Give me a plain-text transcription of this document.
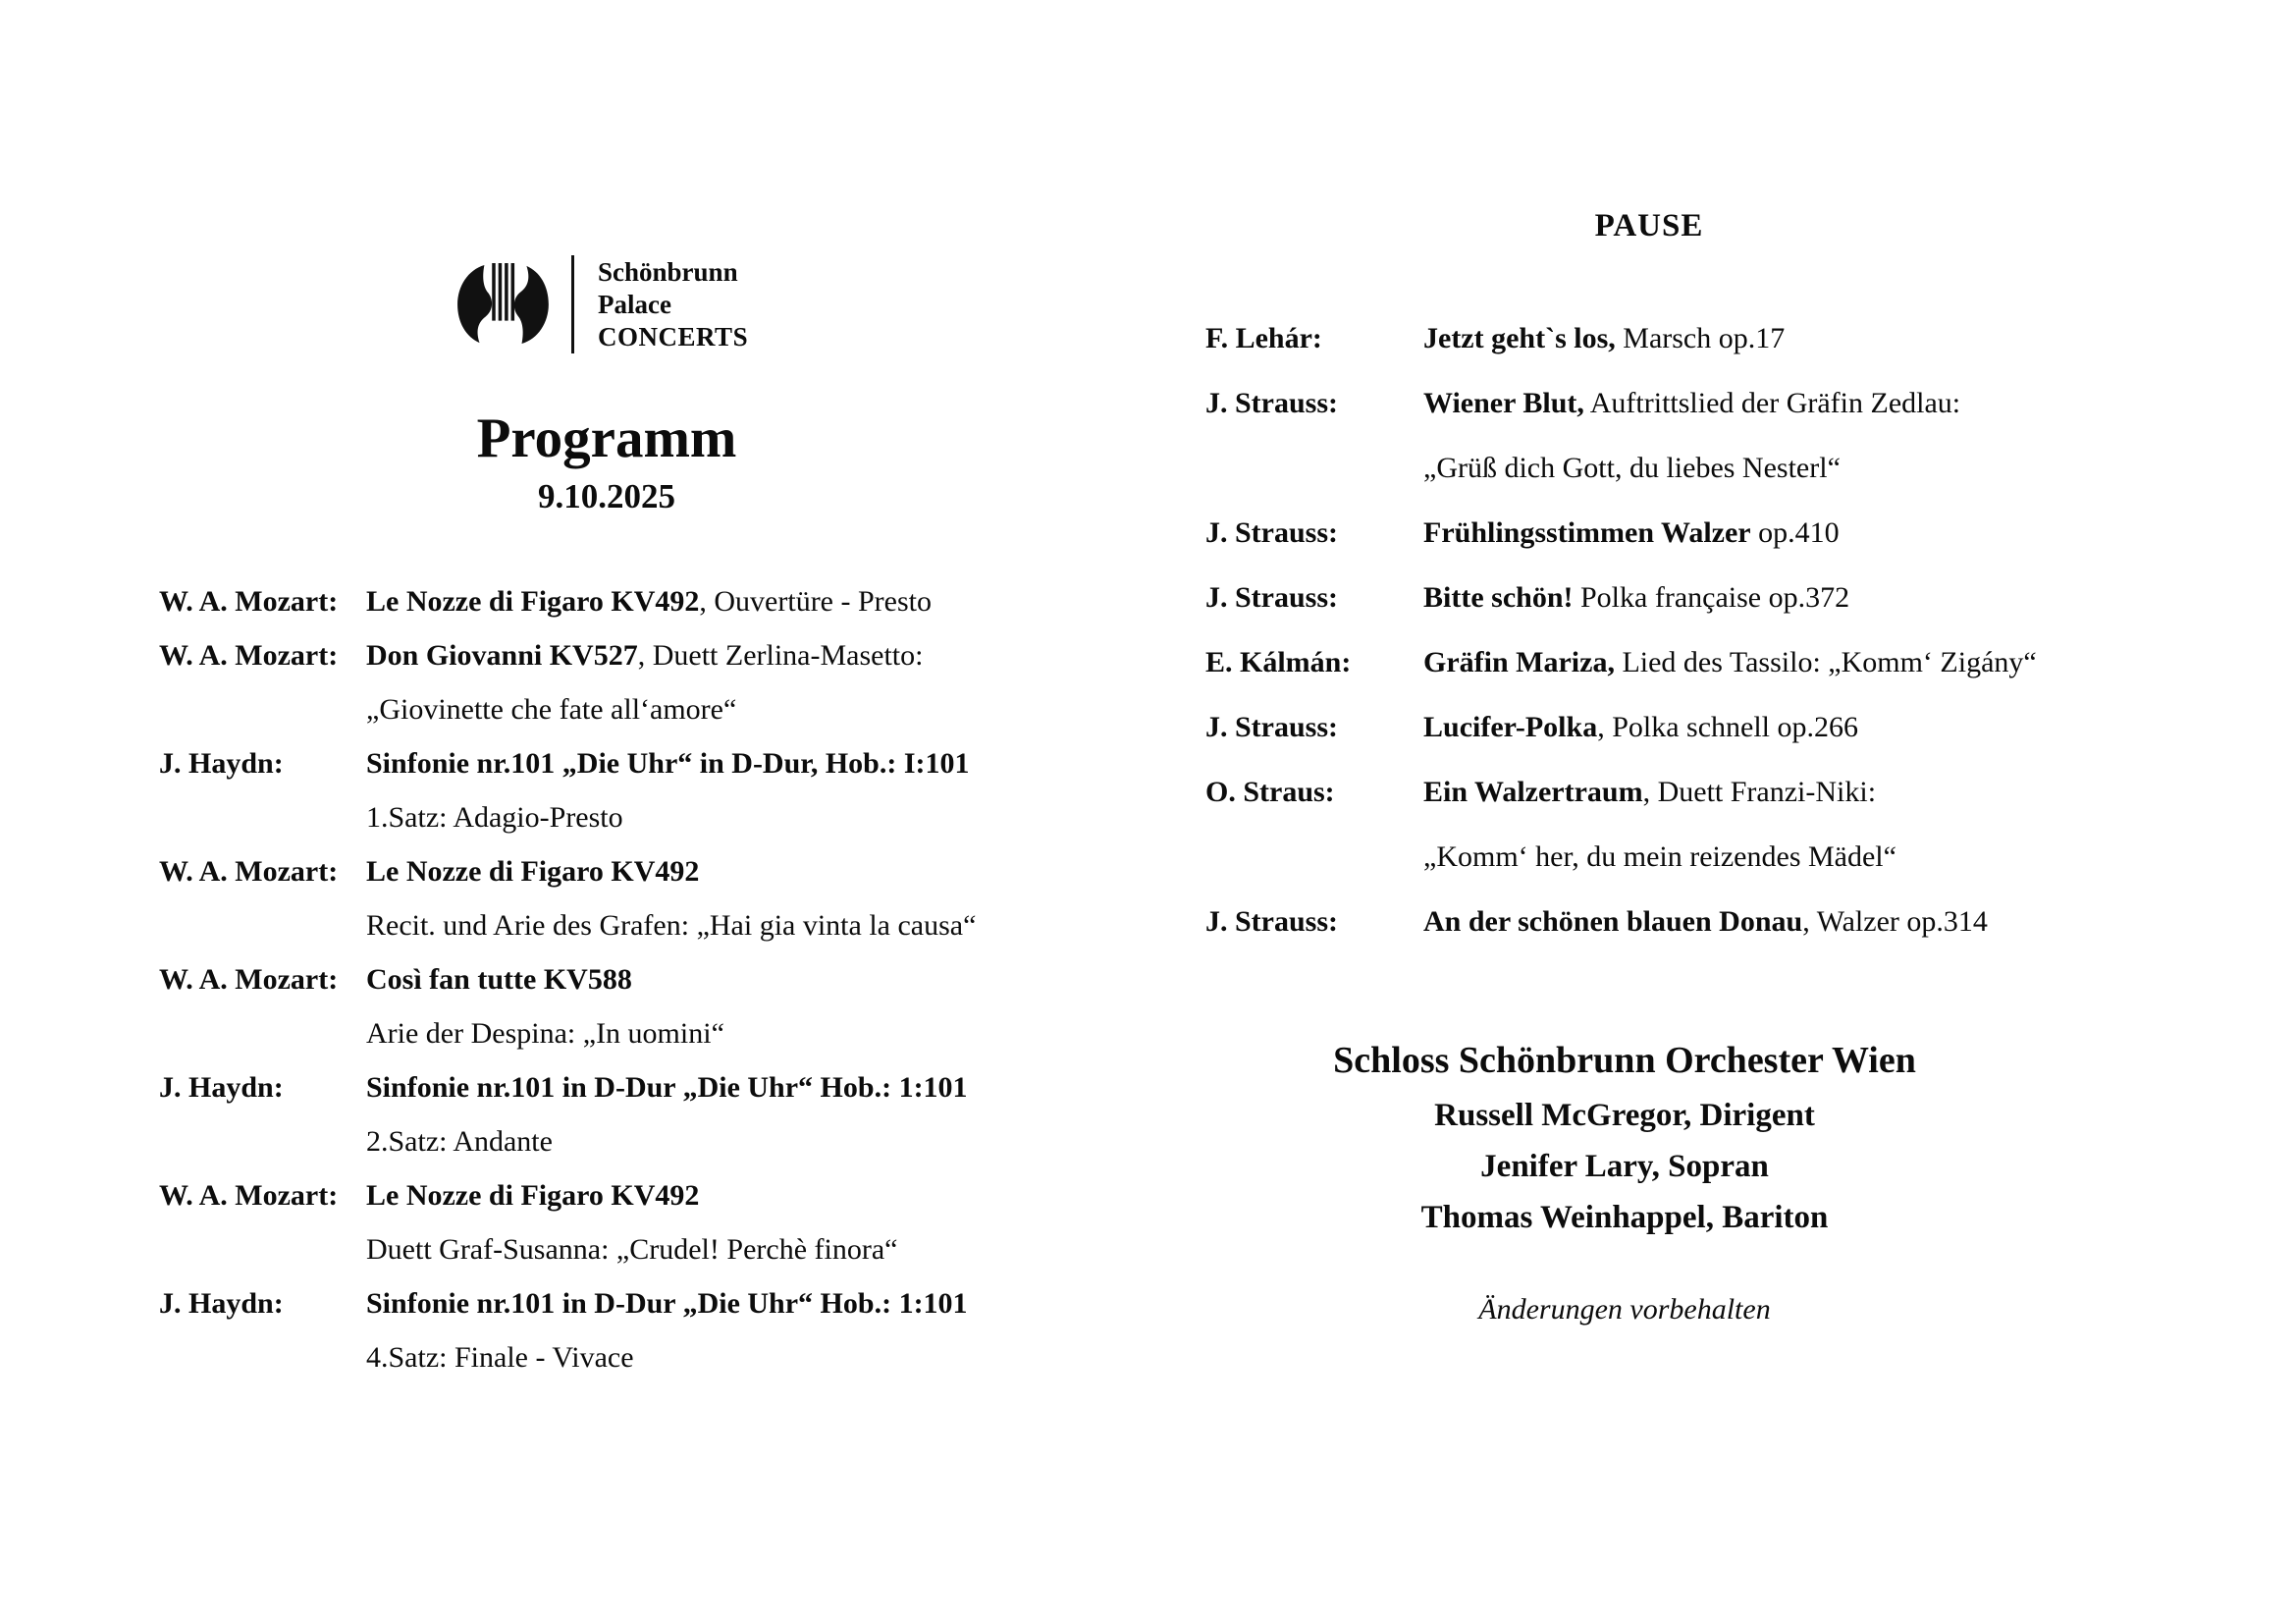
Schönbrunn
Palace
CONCERTS
Programm
9.10.2025
W. A. Mozart: Le Nozze di Figaro KV492, Ouvertüre - Presto
W. A. Mozart: Don Giovanni KV527, Duett Zerlina-Masetto:
„Giovinette che fate all‘amore“
J. Haydn:	Sinfonie nr.101 „Die Uhr“ in D-Dur, Hob.: I:101
1.Satz: Adagio-Presto
W. A. Mozart: Le Nozze di Figaro KV492
Recit. und Arie des Grafen: „Hai gia vinta la causa“
W. A. Mozart: Così fan tutte KV588
Arie der Despina: „In uomini“
J. Haydn:	Sinfonie nr.101 in D-Dur „Die Uhr“ Hob.: 1:101
2.Satz: Andante
W. A. Mozart: Le Nozze di Figaro KV492
Duett Graf-Susanna: „Crudel! Perchè finora“
J. Haydn:	Sinfonie nr.101 in D-Dur „Die Uhr“ Hob.: 1:101
4.Satz: Finale - Vivace
PAUSE
F. Lehár:	Jetzt geht`s los, Marsch op.17
J. Strauss:	Wiener Blut, Auftrittslied der Gräfin Zedlau:
„Grüß dich Gott, du liebes Nesterl“
J. Strauss:	Frühlingsstimmen Walzer op.410
J. Strauss:	Bitte schön! Polka française op.372
E. Kálmán: Gräfin Mariza, Lied des Tassilo: „Komm‘ Zigány“
J. Strauss:	Lucifer-Polka, Polka schnell op.266
O. Straus:	Ein Walzertraum, Duett Franzi-Niki:
„Komm‘ her, du mein reizendes Mädel“
J. Strauss:	An der schönen blauen Donau, Walzer op.314
Schloss Schönbrunn Orchester Wien
Russell McGregor, Dirigent
Jenifer Lary, Sopran
Thomas Weinhappel, Bariton
Änderungen vorbehalten
